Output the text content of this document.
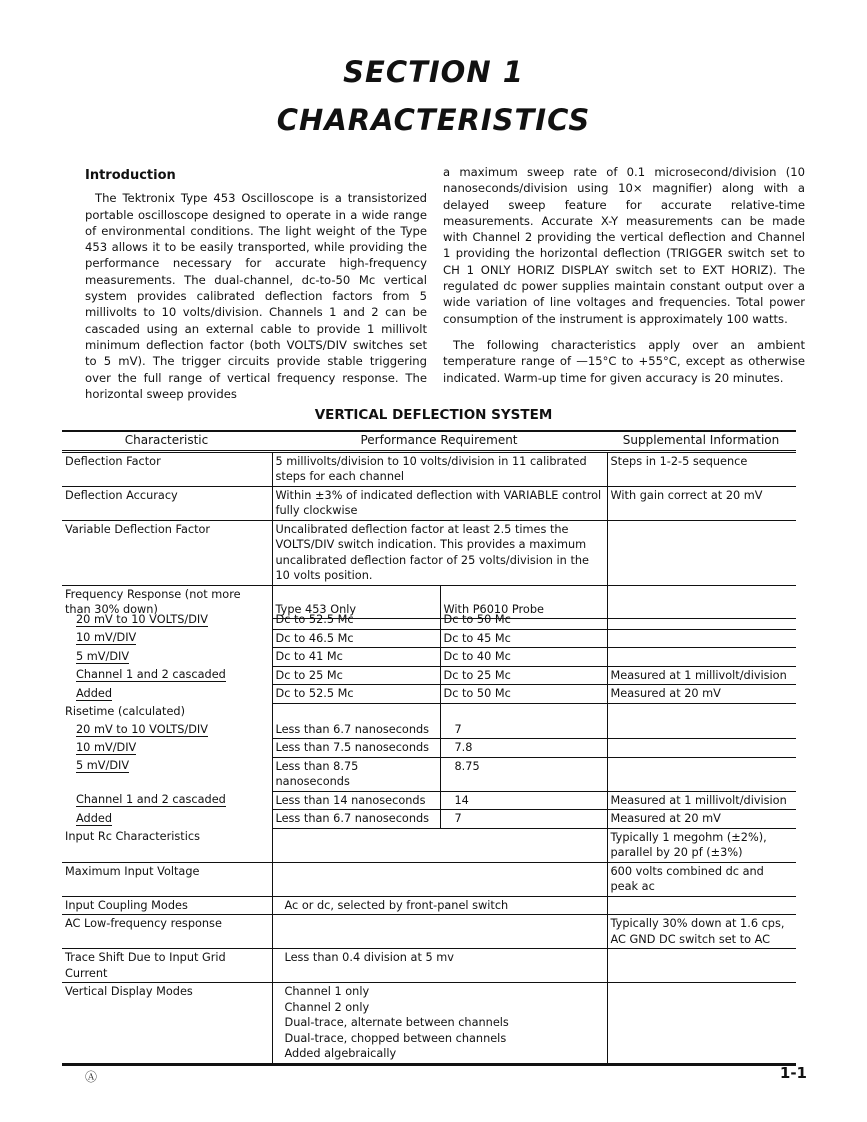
SECTION 1
CHARACTERISTICS
Introduction

The Tektronix Type 453 Oscilloscope is a transistorized portable oscilloscope designed to operate in a wide range of environmental conditions. The light weight of the Type 453 allows it to be easily transported, while providing the performance necessary for accurate high-frequency measurements. The dual-channel, dc-to-50 Mc vertical system provides calibrated deflection factors from 5 millivolts to 10 volts/division. Channels 1 and 2 can be cascaded using an external cable to provide 1 millivolt minimum deflection factor (both VOLTS/DIV switches set to 5 mV). The trigger circuits provide stable triggering over the full range of vertical frequency response. The horizontal sweep provides

a maximum sweep rate of 0.1 microsecond/division (10 nanoseconds/division using 10× magnifier) along with a delayed sweep feature for accurate relative-time measurements. Accurate X-Y measurements can be made with Channel 2 providing the vertical deflection and Channel 1 providing the horizontal deflection (TRIGGER switch set to CH 1 ONLY HORIZ DISPLAY switch set to EXT HORIZ). The regulated dc power supplies maintain constant output over a wide variation of line voltages and frequencies. Total power consumption of the instrument is approximately 100 watts.

The following characteristics apply over an ambient temperature range of —15°C to +55°C, except as otherwise indicated. Warm-up time for given accuracy is 20 minutes.

VERTICAL DEFLECTION SYSTEM
Characteristic	Performance Requirement		Supplemental Information
Deflection Factor	5 millivolts/division to 10 volts/division in 11 calibrated steps for each channel		Steps in 1-2-5 sequence
Deflection Accuracy	Within ±3% of indicated deflection with VARIABLE control fully clockwise		With gain correct at 20 mV
Variable Deflection Factor	Uncalibrated deflection factor at least 2.5 times the VOLTS/DIV switch indication. This provides a maximum uncalibrated deflection factor of 25 volts/division in the 10 volts position.		
Frequency Response (not more than 30% down)	Type 453 Only	With P6010 Probe	
20 mV to 10 VOLTS/DIV	Dc to 52.5 Mc	Dc to 50 Mc	
10 mV/DIV	Dc to 46.5 Mc	Dc to 45 Mc	
5 mV/DIV	Dc to 41 Mc	Dc to 40 Mc	
Channel 1 and 2 cascaded	Dc to 25 Mc	Dc to 25 Mc	Measured at 1 millivolt/division
Added	Dc to 52.5 Mc	Dc to 50 Mc	Measured at 20 mV
Risetime (calculated)			
20 mV to 10 VOLTS/DIV	Less than 6.7 nanoseconds	7	
10 mV/DIV	Less than 7.5 nanoseconds	7.8	
5 mV/DIV	Less than 8.75 nanoseconds	8.75	
Channel 1 and 2 cascaded	Less than 14 nanoseconds	14	Measured at 1 millivolt/division
Added	Less than 6.7 nanoseconds	7	Measured at 20 mV
Input Rc Characteristics			Typically 1 megohm (±2%), parallel by 20 pf (±3%)
Maximum Input Voltage			600 volts combined dc and peak ac
Input Coupling Modes	Ac or dc, selected by front-panel switch		
AC Low-frequency response			Typically 30% down at 1.6 cps, AC GND DC switch set to AC
Trace Shift Due to Input Grid Current	Less than 0.4 division at 5 mv		
Vertical Display Modes	Channel 1 only
Channel 2 only
Dual-trace, alternate between channels
Dual-trace, chopped between channels
Added algebraically		

Ⓐ	1-1
